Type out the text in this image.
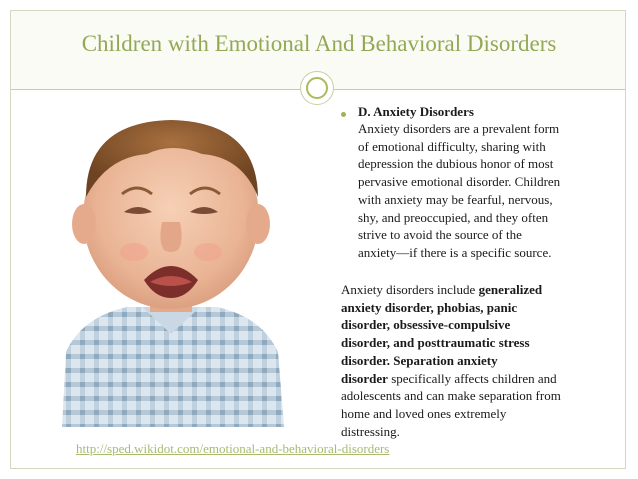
Children with Emotional And Behavioral Disorders
D. Anxiety Disorders
Anxiety disorders are a prevalent form
of emotional difficulty, sharing with
depression the dubious honor of most
pervasive emotional disorder. Children
with anxiety may be fearful, nervous,
shy, and preoccupied, and they often
strive to avoid the source of the
anxiety—if there is a specific source.
Anxiety disorders include generalized
anxiety disorder, phobias, panic
disorder, obsessive-compulsive
disorder, and posttraumatic stress
disorder. Separation anxiety
disorder specifically affects children and
adolescents and can make separation from
home and loved ones extremely
distressing.
http://sped.wikidot.com/emotional-and-behavioral-disorders
